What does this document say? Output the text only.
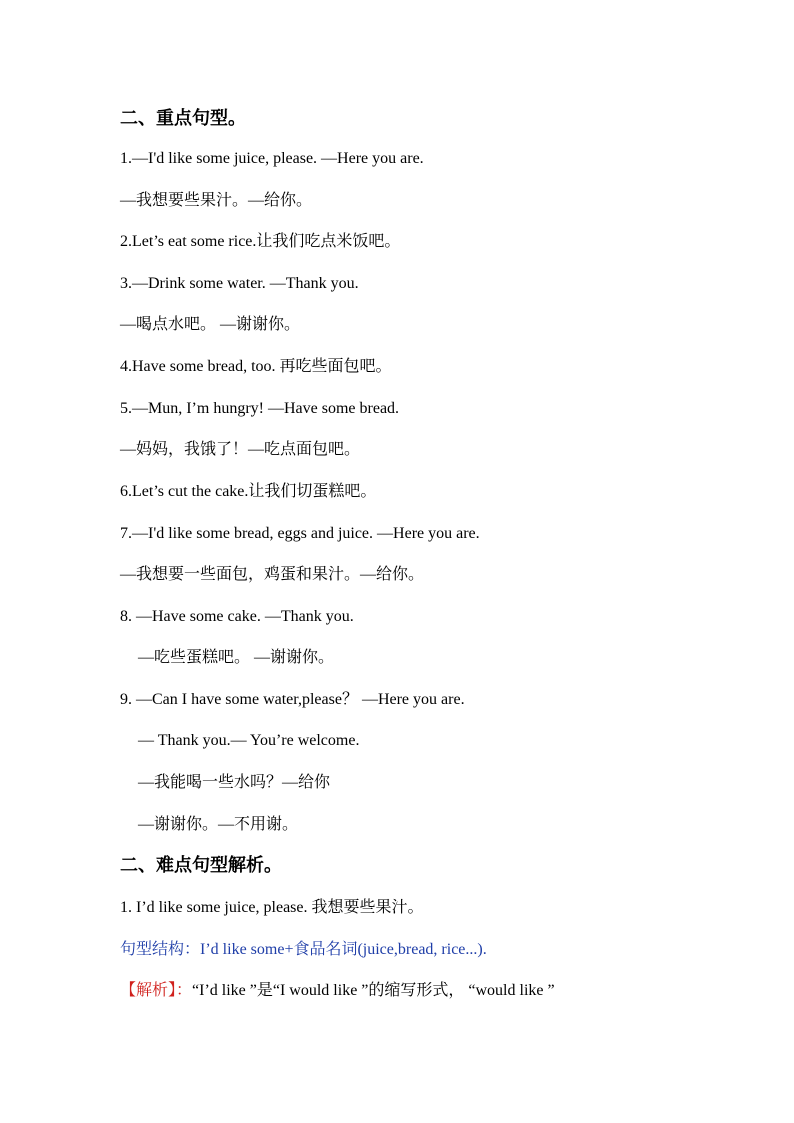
二、重点句型。
1.—I'd like some juice, please. —Here you are.
—我想要些果汁。—给你。
2.Let’s eat some rice.让我们吃点米饭吧。
3.—Drink some water. —Thank you.
—喝点水吧。 —谢谢你。
4.Have some bread, too. 再吃些面包吧。
5.—Mun, I’m hungry! —Have some bread.
—妈妈，我饿了！—吃点面包吧。
6.Let’s cut the cake.让我们切蛋糕吧。
7.—I'd like some bread, eggs and juice. —Here you are.
—我想要一些面包，鸡蛋和果汁。—给你。
8. —Have some cake. —Thank you.
—吃些蛋糕吧。 —谢谢你。
9. —Can I have some water,please？ —Here you are.
— Thank you.— You’re welcome.
—我能喝一些水吗？—给你
—谢谢你。—不用谢。
二、难点句型解析。
1. I’d like some juice, please. 我想要些果汁。
句型结构：I’d like some+食品名词(juice,bread, rice...).
【解析】：“I’d like ”是“I would like ”的缩写形式， “would like ”
